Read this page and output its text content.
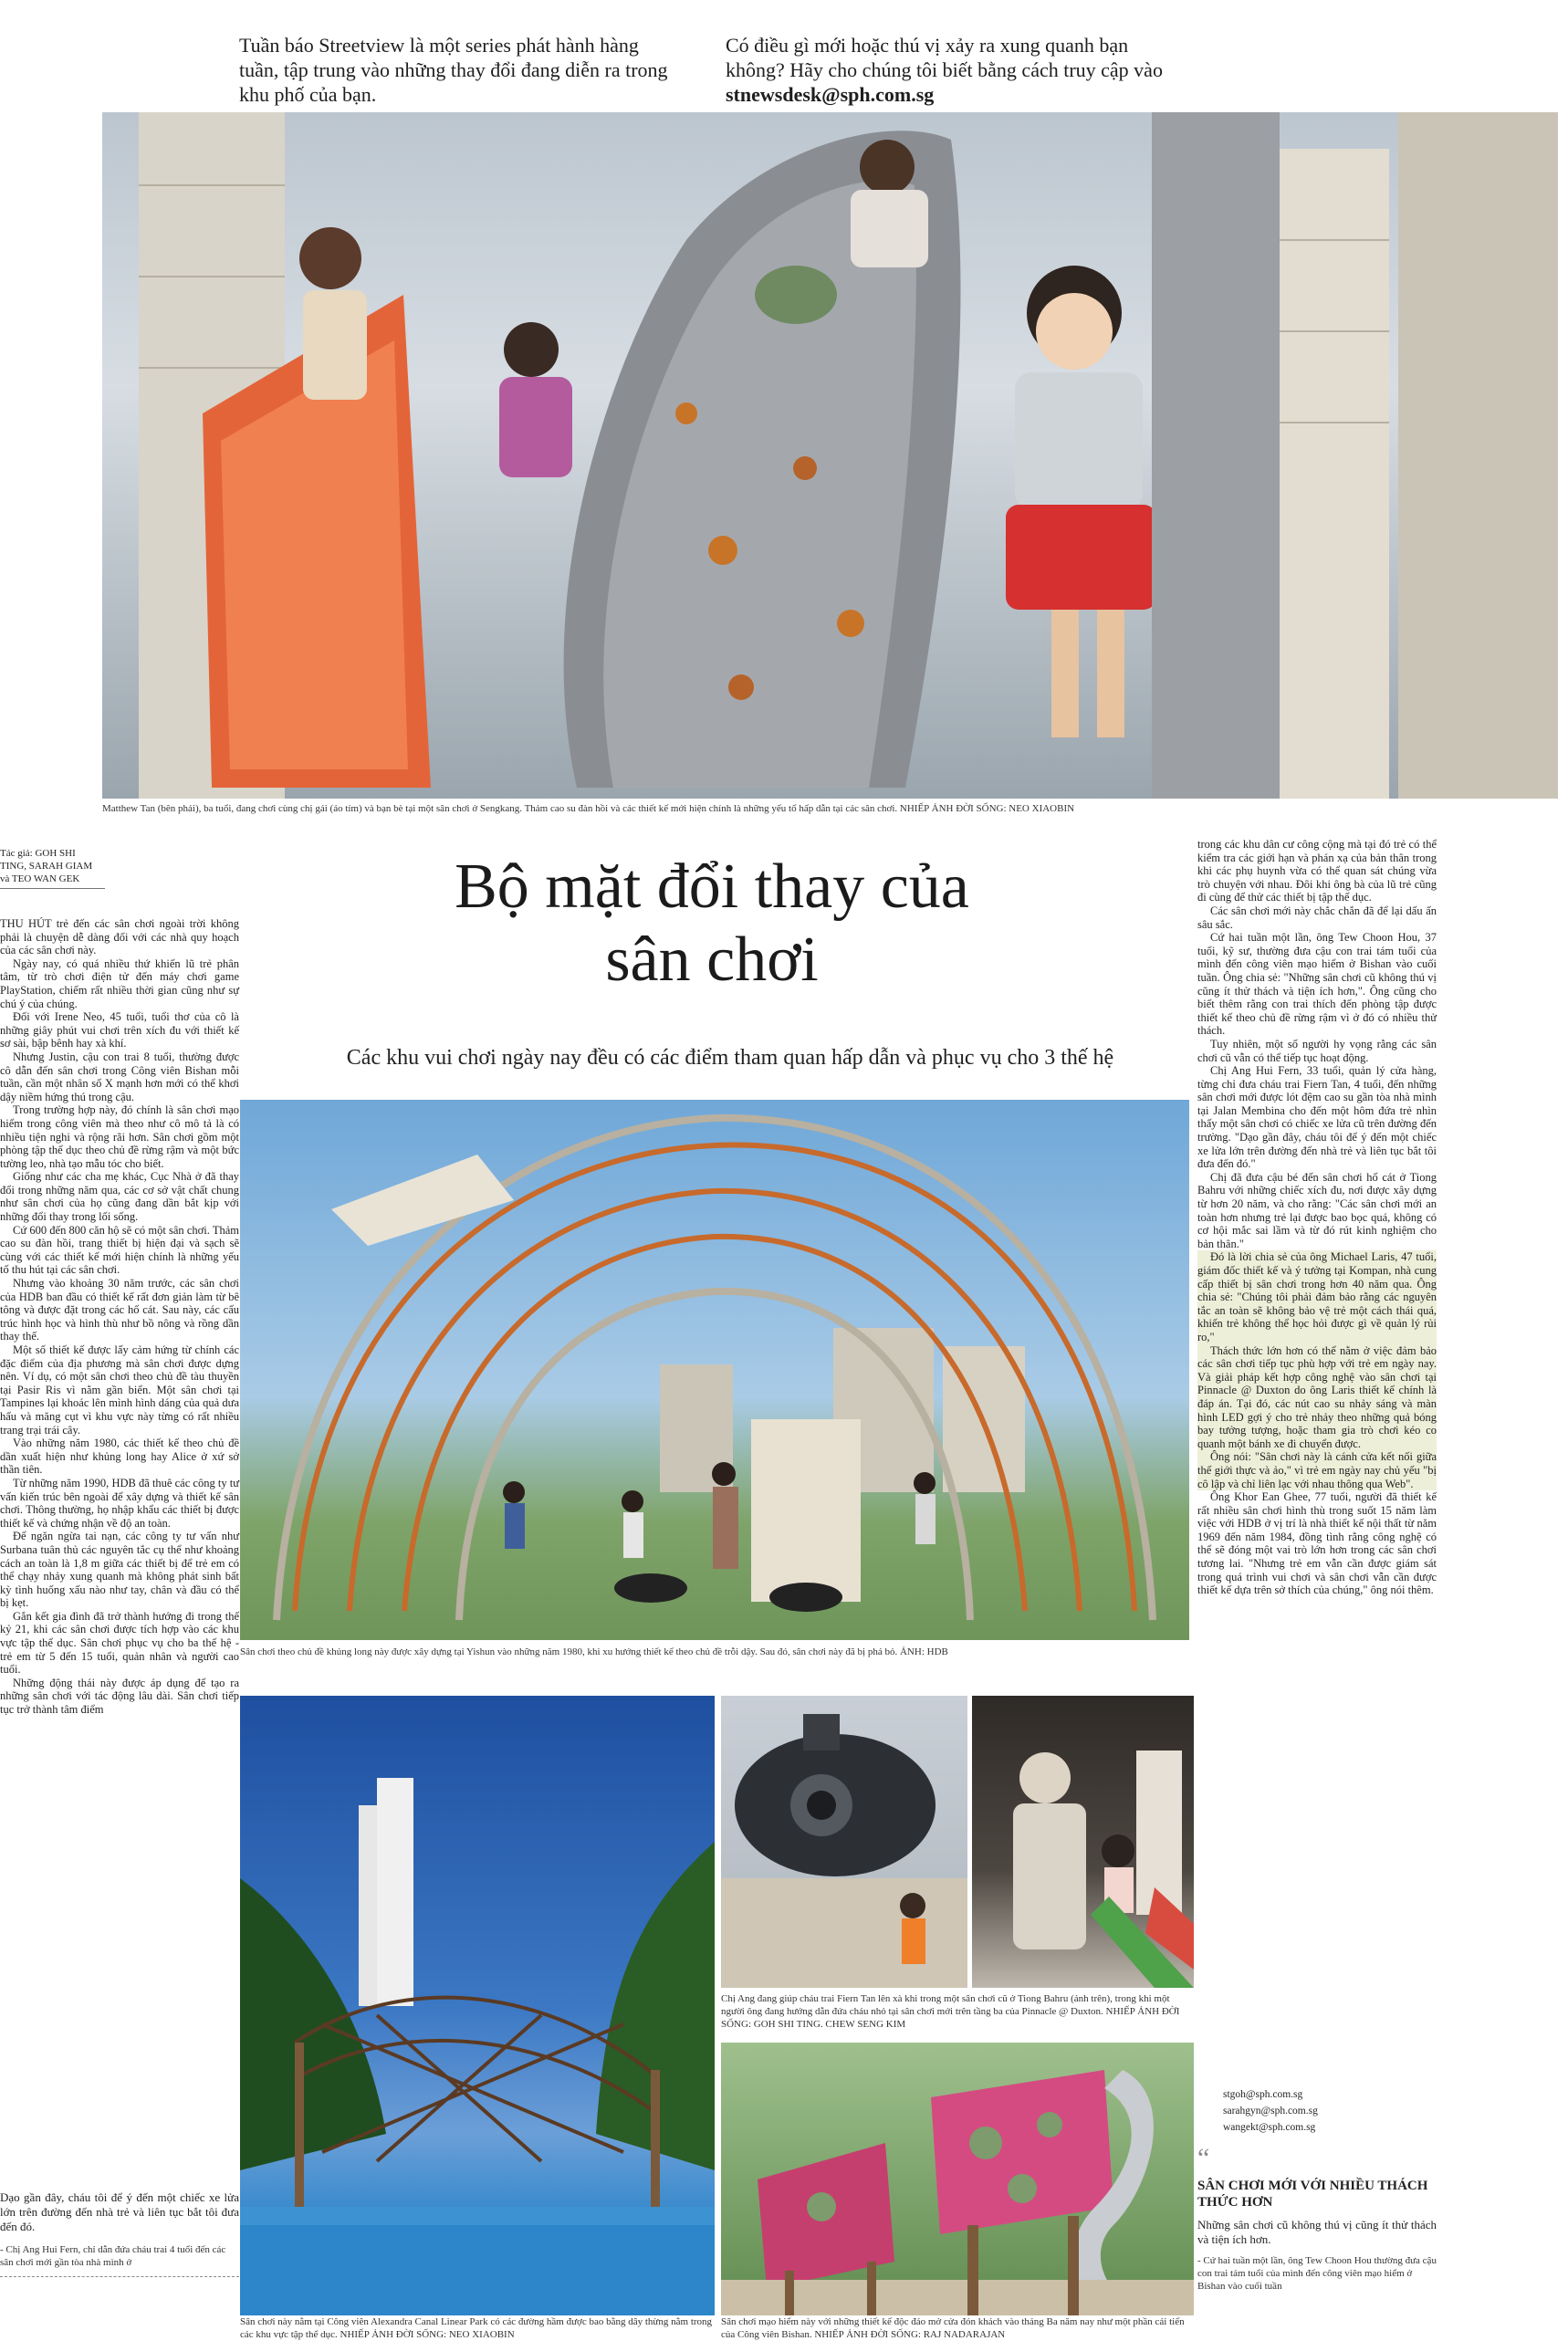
Tuần báo Streetview là một series phát hành hàng tuần, tập trung vào những thay đổi đang diễn ra trong khu phố của bạn.
Có điều gì mới hoặc thú vị xảy ra xung quanh bạn không? Hãy cho chúng tôi biết bằng cách truy cập vào stnewsdesk@sph.com.sg
Matthew Tan (bên phải), ba tuổi, đang chơi cùng chị gái (áo tím) và bạn bè tại một sân chơi ở Sengkang. Thảm cao su đàn hồi và các thiết kế mới hiện chính là những yếu tố hấp dẫn tại các sân chơi. NHIẾP ẢNH ĐỜI SỐNG: NEO XIAOBIN
Tác giả: GOH SHI
TING, SARAH GIAM
và TEO WAN GEK

THU HÚT trẻ đến các sân chơi ngoài trời không phải là chuyện dễ dàng đối với các nhà quy hoạch của các sân chơi này.

Ngày nay, có quá nhiều thứ khiến lũ trẻ phân tâm, từ trò chơi điện tử đến máy chơi game PlayStation, chiếm rất nhiều thời gian cũng như sự chú ý của chúng.

Đối với Irene Neo, 45 tuổi, tuổi thơ của cô là những giây phút vui chơi trên xích đu với thiết kế sơ sài, bập bênh hay xà khí.

Nhưng Justin, cậu con trai 8 tuổi, thường được cô dẫn đến sân chơi trong Công viên Bishan mỗi tuần, cần một nhân số X mạnh hơn mới có thể khơi dậy niềm hứng thú trong cậu.

Trong trường hợp này, đó chính là sân chơi mạo hiểm trong công viên mà theo như cô mô tả là có nhiều tiện nghi và rộng rãi hơn. Sân chơi gồm một phòng tập thể dục theo chủ đề rừng rậm và một bức tường leo, nhà tạo mẫu tóc cho biết.

Giống như các cha mẹ khác, Cục Nhà ở đã thay đổi trong những năm qua, các cơ sở vật chất chung như sân chơi của họ cũng đang dần bắt kịp với những đổi thay trong lối sống.

Cứ 600 đến 800 căn hộ sẽ có một sân chơi. Thảm cao su đàn hồi, trang thiết bị hiện đại và sạch sẽ cùng với các thiết kế mới hiện chính là những yếu tố thu hút tại các sân chơi.

Nhưng vào khoảng 30 năm trước, các sân chơi của HDB ban đầu có thiết kế rất đơn giản làm từ bê tông và được đặt trong các hố cát. Sau này, các cấu trúc hình học và hình thù như bồ nông và rồng dần thay thế.

Một số thiết kế được lấy cảm hứng từ chính các đặc điểm của địa phương mà sân chơi được dựng nên. Ví dụ, có một sân chơi theo chủ đề tàu thuyền tại Pasir Ris vì nằm gần biển. Một sân chơi tại Tampines lại khoác lên mình hình dáng của quả dưa hấu và măng cụt vì khu vực này từng có rất nhiều trang trại trái cây.

Vào những năm 1980, các thiết kế theo chủ đề dần xuất hiện như khủng long hay Alice ở xứ sở thần tiên.

Từ những năm 1990, HDB đã thuê các công ty tư vấn kiến trúc bên ngoài để xây dựng và thiết kế sân chơi. Thông thường, họ nhập khẩu các thiết bị được thiết kế và chứng nhận về độ an toàn.

Để ngăn ngừa tai nạn, các công ty tư vấn như Surbana tuân thủ các nguyên tắc cụ thể như khoảng cách an toàn là 1,8 m giữa các thiết bị để trẻ em có thể chạy nhảy xung quanh mà không phát sinh bất kỳ tình huống xấu nào như tay, chân và đầu có thể bị kẹt.

Gắn kết gia đình đã trở thành hướng đi trong thế kỷ 21, khi các sân chơi được tích hợp vào các khu vực tập thể dục. Sân chơi phục vụ cho ba thế hệ - trẻ em từ 5 đến 15 tuổi, quản nhân và người cao tuổi.

Những động thái này được áp dụng để tạo ra những sân chơi với tác động lâu dài. Sân chơi tiếp tục trở thành tâm điểm

Dạo gần đây, cháu tôi để ý đến một chiếc xe lửa lớn trên đường đến nhà trẻ và liên tục bắt tôi đưa đến đó.
- Chị Ang Hui Fern, chỉ dẫn đứa cháu trai 4 tuổi đến các sân chơi mới gần tòa nhà mình ở
Bộ mặt đổi thay của
sân chơi
Các khu vui chơi ngày nay đều có các điểm tham quan hấp dẫn và phục vụ cho 3 thế hệ
Sân chơi theo chủ đề khủng long này được xây dựng tại Yishun vào những năm 1980, khi xu hướng thiết kế theo chủ đề trỗi dậy. Sau đó, sân chơi này đã bị phá bỏ. ẢNH: HDB
Sân chơi này nằm tại Công viên Alexandra Canal Linear Park có các đường hầm được bao bằng dây thừng nằm trong các khu vực tập thể dục. NHIẾP ẢNH ĐỜI SỐNG: NEO XIAOBIN
Chị Ang đang giúp cháu trai Fiern Tan lên xà khi trong một sân chơi cũ ở Tiong Bahru (ảnh trên), trong khi một người ông đang hướng dẫn đứa cháu nhỏ tại sân chơi mới trên tầng ba của Pinnacle @ Duxton. NHIẾP ẢNH ĐỜI SỐNG: GOH SHI TING. CHEW SENG KIM
Sân chơi mạo hiểm này với những thiết kế độc đáo mở cửa đón khách vào tháng Ba năm nay như một phần cải tiến của Công viên Bishan. NHIẾP ẢNH ĐỜI SỐNG: RAJ NADARAJAN

trong các khu dân cư công cộng mà tại đó trẻ có thể kiểm tra các giới hạn và phán xạ của bản thân trong khi các phụ huynh vừa có thể quan sát chúng vừa trò chuyện với nhau. Đôi khi ông bà của lũ trẻ cũng đi cùng để thử các thiết bị tập thể dục.

Các sân chơi mới này chắc chắn đã để lại dấu ấn sâu sắc.

Cứ hai tuần một lần, ông Tew Choon Hou, 37 tuổi, kỹ sư, thường đưa cậu con trai tám tuổi của mình đến công viên mạo hiểm ở Bishan vào cuối tuần. Ông chia sẻ: "Những sân chơi cũ không thú vị cũng ít thử thách và tiện ích hơn,". Ông cũng cho biết thêm rằng con trai thích đến phòng tập được thiết kế theo chủ đề rừng rậm vì ở đó có nhiều thử thách.

Tuy nhiên, một số người hy vọng rằng các sân chơi cũ vẫn có thể tiếp tục hoạt động.

Chị Ang Hui Fern, 33 tuổi, quản lý cửa hàng, từng chỉ đưa cháu trai Fiern Tan, 4 tuổi, đến những sân chơi mới được lót đệm cao su gần tòa nhà mình tại Jalan Membina cho đến một hôm đứa trẻ nhìn thấy một sân chơi có chiếc xe lửa cũ trên đường đến trường. "Dạo gần đây, cháu tôi để ý đến một chiếc xe lửa lớn trên đường đến nhà trẻ và liên tục bắt tôi đưa đến đó."

Chị đã đưa cậu bé đến sân chơi hố cát ở Tiong Bahru với những chiếc xích đu, nơi được xây dựng từ hơn 20 năm, và cho rằng: "Các sân chơi mới an toàn hơn nhưng trẻ lại được bao bọc quá, không có cơ hội mắc sai lầm và từ đó rút kinh nghiệm cho bản thân."

Đó là lời chia sẻ của ông Michael Laris, 47 tuổi, giám đốc thiết kế và ý tưởng tại Kompan, nhà cung cấp thiết bị sân chơi trong hơn 40 năm qua. Ông chia sẻ: "Chúng tôi phải đảm bảo rằng các nguyên tắc an toàn sẽ không bảo vệ trẻ một cách thái quá, khiến trẻ không thể học hỏi được gì về quản lý rủi ro,"

Thách thức lớn hơn có thể nằm ở việc đảm bảo các sân chơi tiếp tục phù hợp với trẻ em ngày nay. Và giải pháp kết hợp công nghệ vào sân chơi tại Pinnacle @ Duxton do ông Laris thiết kế chính là đáp án. Tại đó, các nút cao su nhảy sáng và màn hình LED gợi ý cho trẻ nhảy theo những quả bóng bay tưởng tượng, hoặc tham gia trò chơi kéo co quanh một bánh xe đi chuyển được.

Ông nói: "Sân chơi này là cánh cửa kết nối giữa thế giới thực và ảo," vì trẻ em ngày nay chủ yếu "bị cô lập và chỉ liên lạc với nhau thông qua Web".

Ông Khor Ean Ghee, 77 tuổi, người đã thiết kế rất nhiều sân chơi hình thù trong suốt 15 năm làm việc với HDB ở vị trí là nhà thiết kế nội thất từ năm 1969 đến năm 1984, đồng tình rằng công nghệ có thể sẽ đóng một vai trò lớn hơn trong các sân chơi tương lai. "Nhưng trẻ em vẫn cần được giám sát trong quá trình vui chơi và sân chơi vẫn cần được thiết kế dựa trên sở thích của chúng," ông nói thêm.

stgoh@sph.com.sg
sarahgyn@sph.com.sg
wangekt@sph.com.sg
“
SÂN CHƠI MỚI VỚI NHIỀU THÁCH THỨC HƠN
Những sân chơi cũ không thú vị cũng ít thử thách và tiện ích hơn.
- Cứ hai tuần một lần, ông Tew Choon Hou thường đưa cậu con trai tám tuổi của mình đến công viên mạo hiểm ở Bishan vào cuối tuần
